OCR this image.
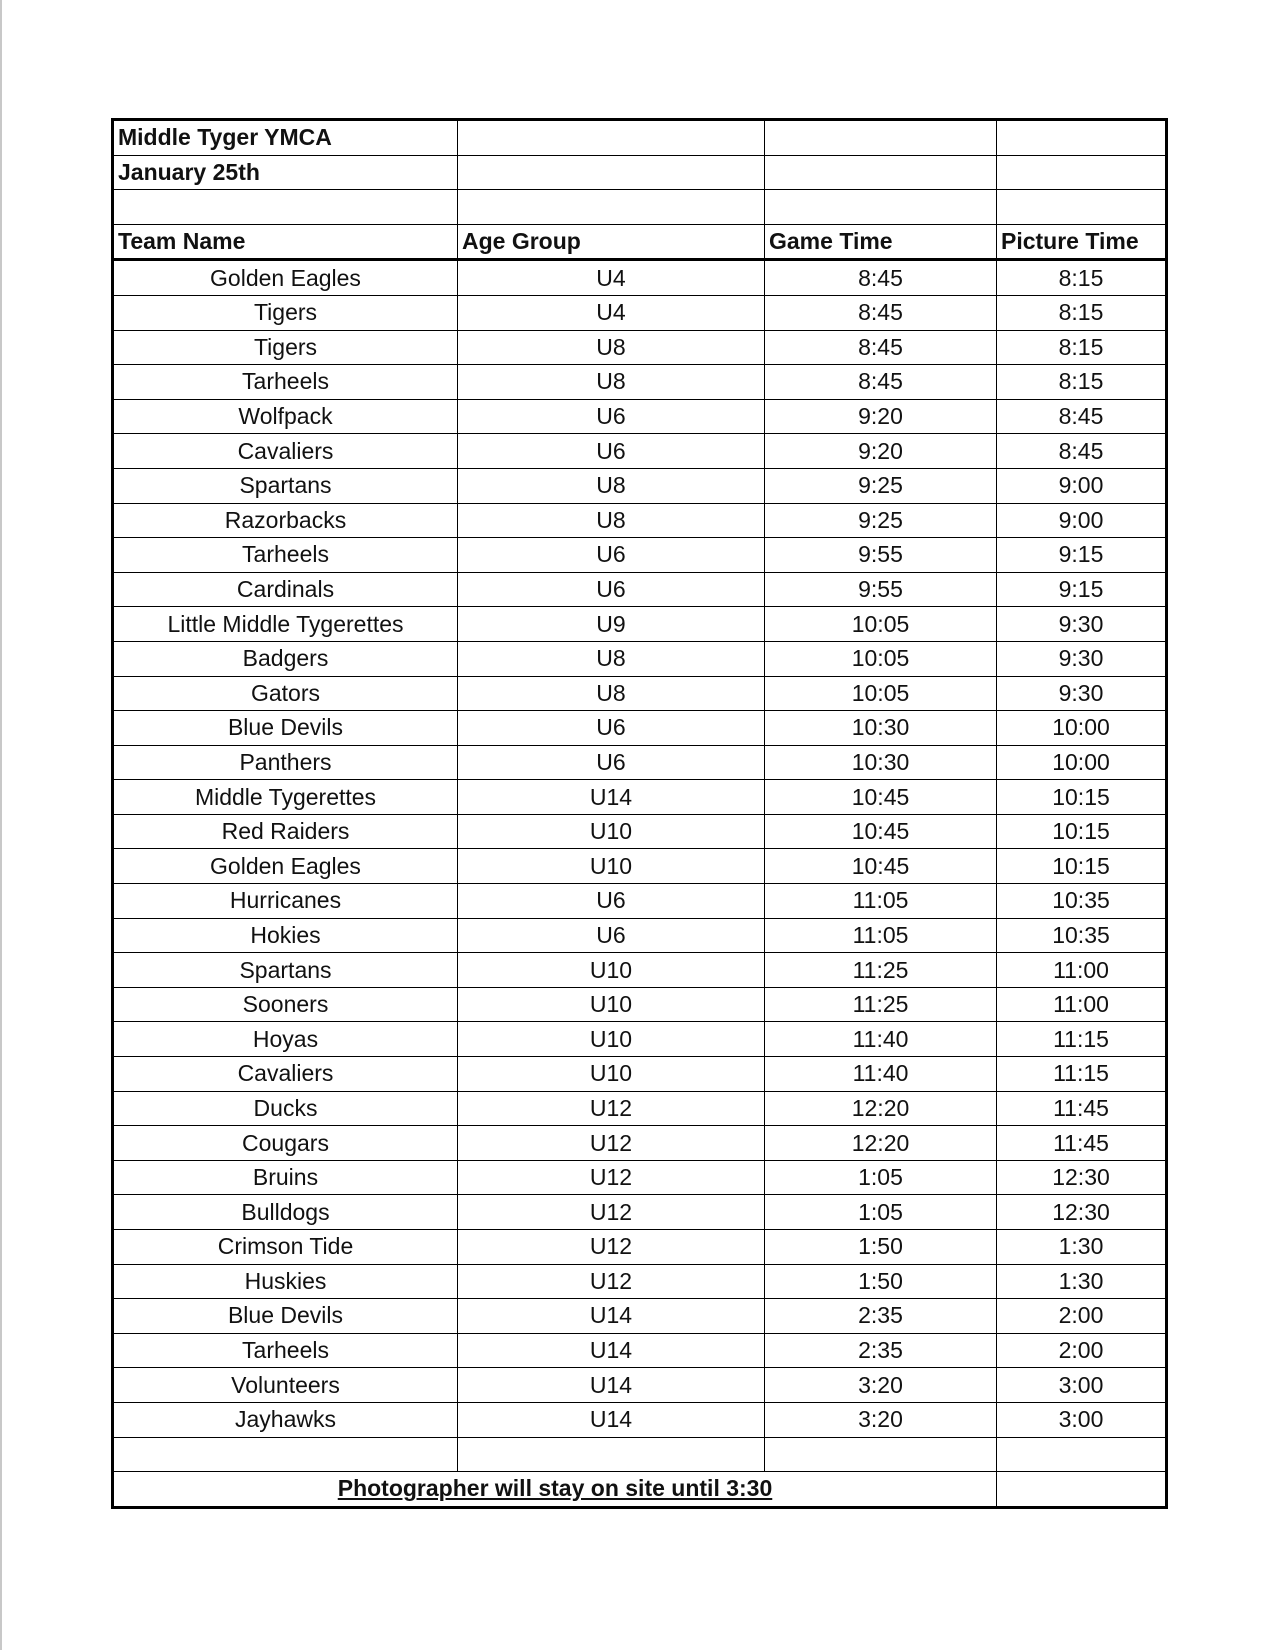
Middle Tyger YMCA			
January 25th			

Team Name	Age Group	Game Time	Picture Time
Golden Eagles	U4	8:45	8:15
Tigers	U4	8:45	8:15
Tigers	U8	8:45	8:15
Tarheels	U8	8:45	8:15
Wolfpack	U6	9:20	8:45
Cavaliers	U6	9:20	8:45
Spartans	U8	9:25	9:00
Razorbacks	U8	9:25	9:00
Tarheels	U6	9:55	9:15
Cardinals	U6	9:55	9:15
Little Middle Tygerettes	U9	10:05	9:30
Badgers	U8	10:05	9:30
Gators	U8	10:05	9:30
Blue Devils	U6	10:30	10:00
Panthers	U6	10:30	10:00
Middle Tygerettes	U14	10:45	10:15
Red Raiders	U10	10:45	10:15
Golden Eagles	U10	10:45	10:15
Hurricanes	U6	11:05	10:35
Hokies	U6	11:05	10:35
Spartans	U10	11:25	11:00
Sooners	U10	11:25	11:00
Hoyas	U10	11:40	11:15
Cavaliers	U10	11:40	11:15
Ducks	U12	12:20	11:45
Cougars	U12	12:20	11:45
Bruins	U12	1:05	12:30
Bulldogs	U12	1:05	12:30
Crimson Tide	U12	1:50	1:30
Huskies	U12	1:50	1:30
Blue Devils	U14	2:35	2:00
Tarheels	U14	2:35	2:00
Volunteers	U14	3:20	3:00
Jayhawks	U14	3:20	3:00

Photographer will stay on site until 3:30			
